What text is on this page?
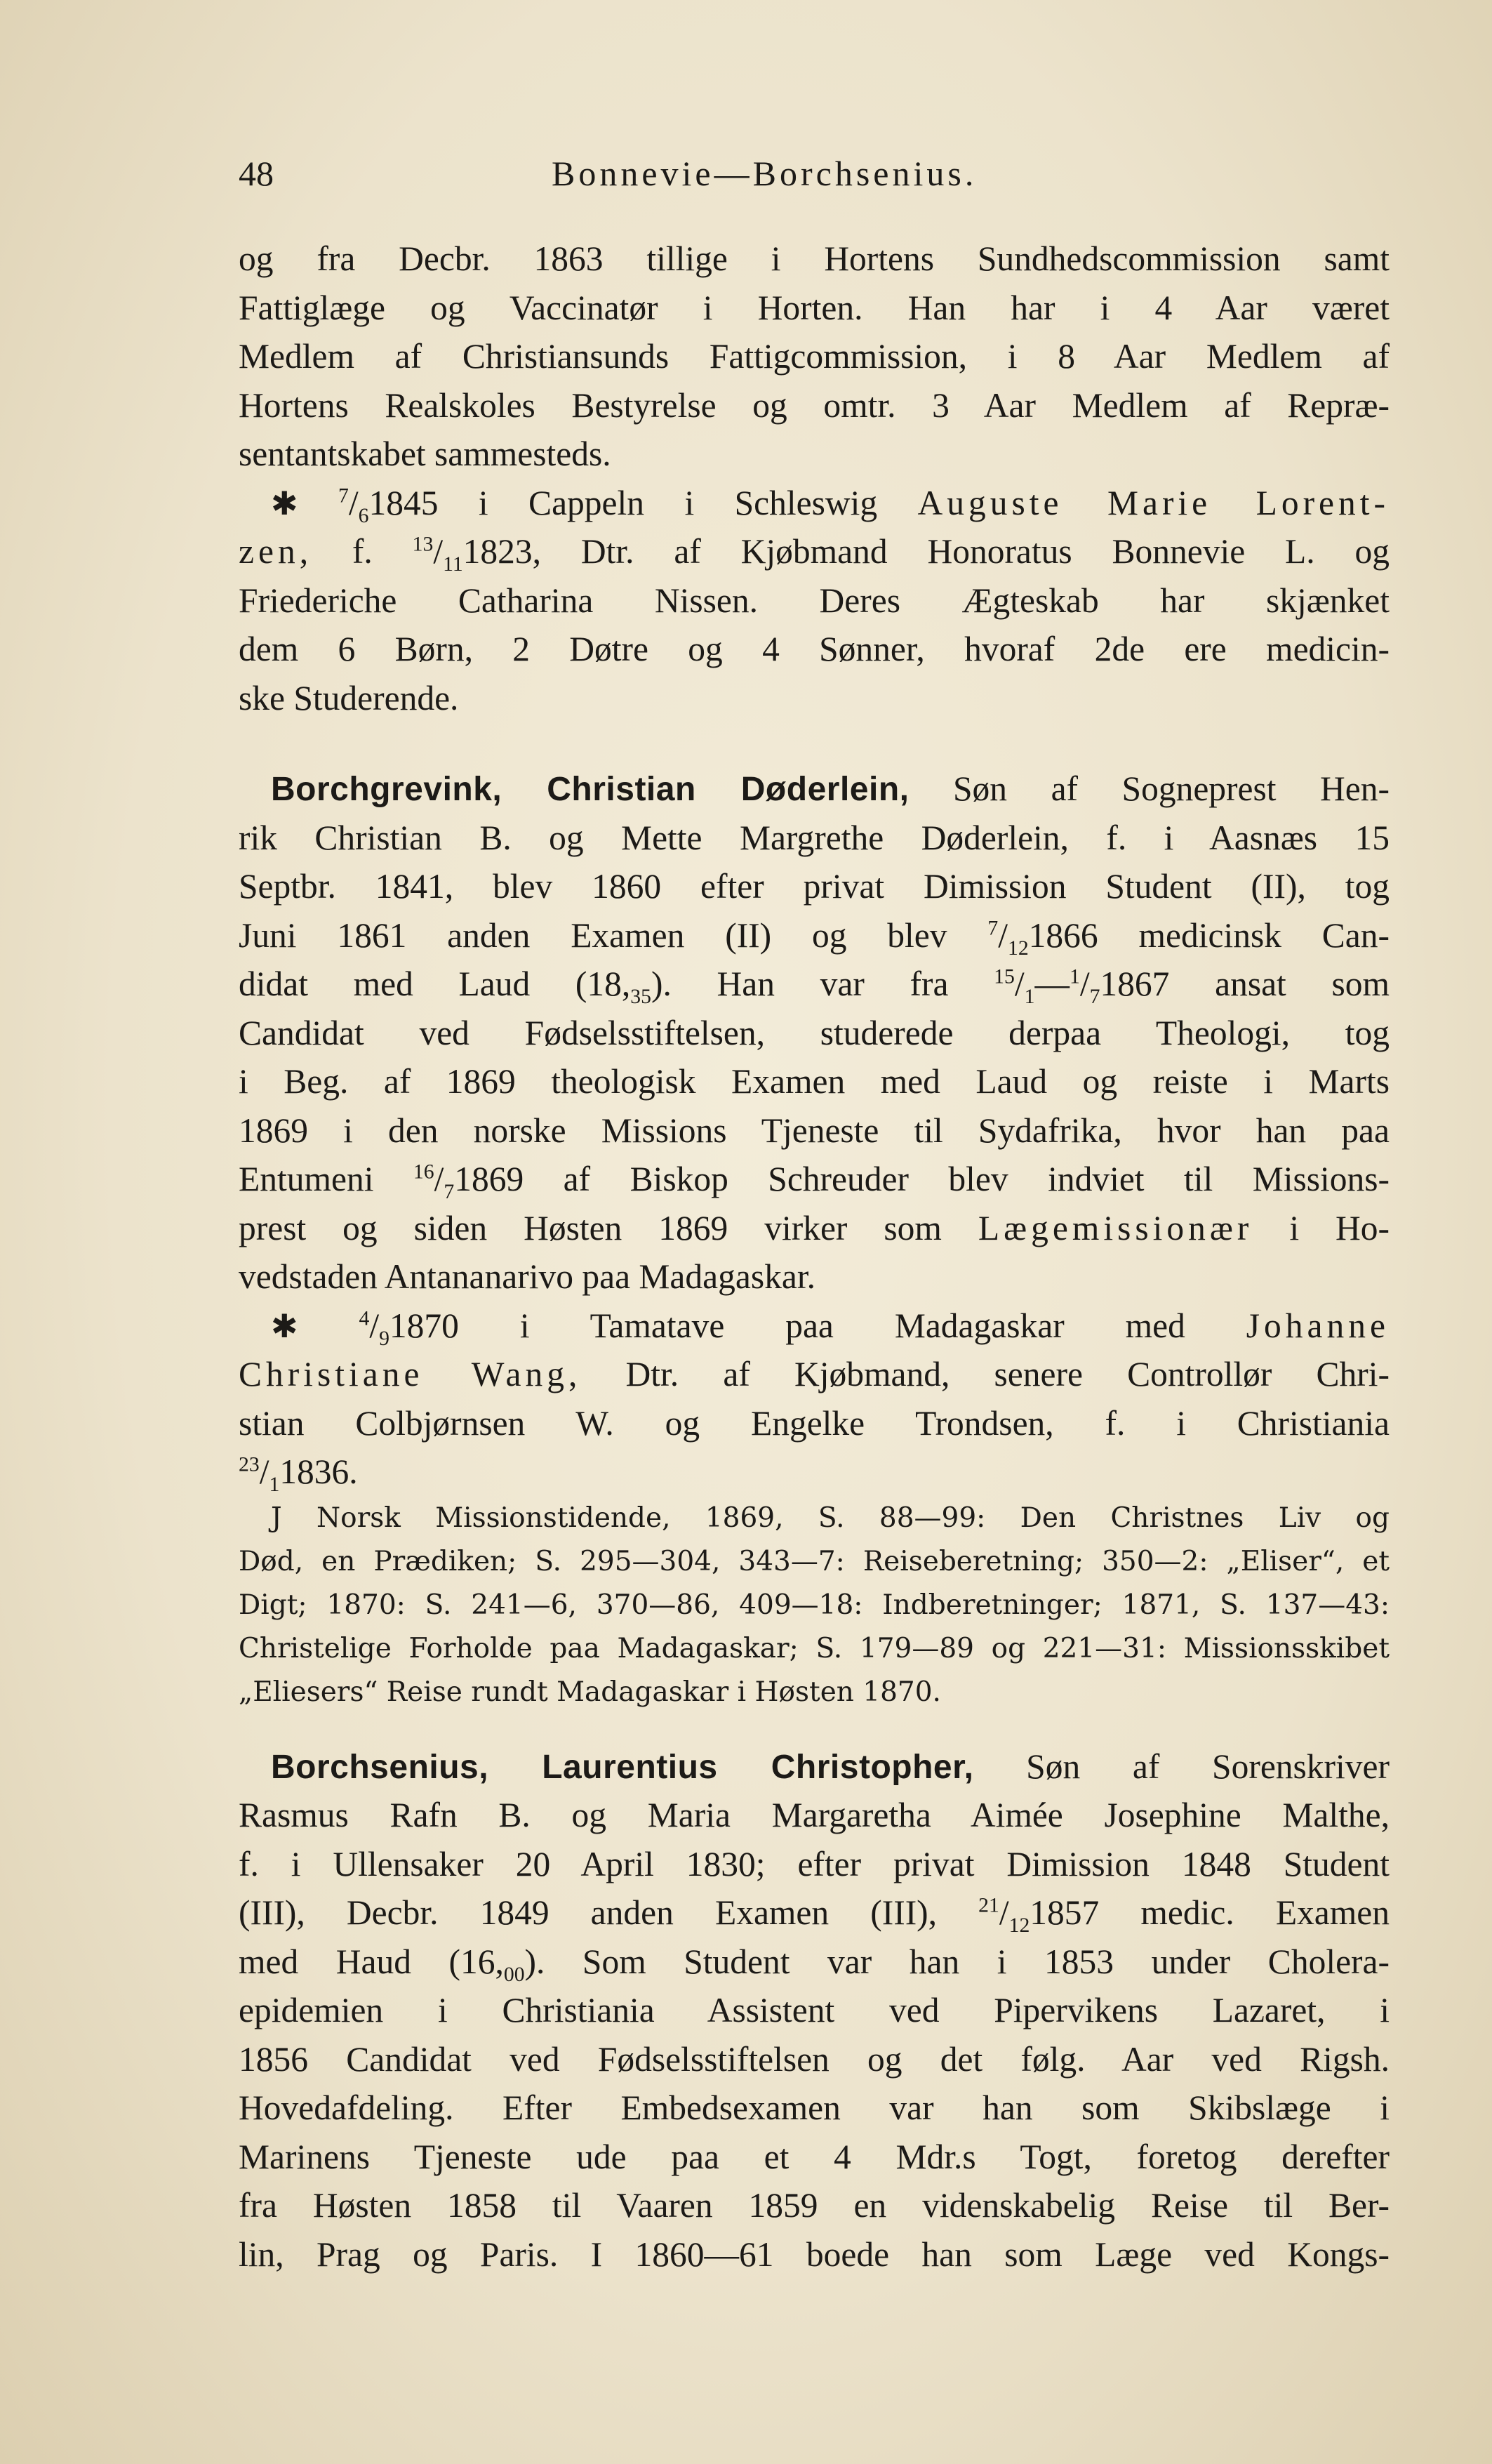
48	Bonnevie—Borchsenius.
og fra Decbr. 1863 tillige i Hortens Sundhedscommission samt
Fattiglæge og Vaccinatør i Horten. Han har i 4 Aar været
Medlem af Christiansunds Fattigcommission, i 8 Aar Medlem af
Hortens Realskoles Bestyrelse og omtr. 3 Aar Medlem af Repræ-
sentantskabet sammesteds.
✱ $^7/_61845$ i Cappeln i Schleswig Auguste Marie Lorent-
zen, f. $^{13}/_{11}1823$, Dtr. af Kjøbmand Honoratus Bonnevie L. og
Friederiche Catharina Nissen. Deres Ægteskab har skjænket
dem 6 Børn, 2 Døtre og 4 Sønner, hvoraf 2de ere medicin-
ske Studerende.
Borchgrevink, Christian Døderlein, Søn af Sogneprest Hen-
rik Christian B. og Mette Margrethe Døderlein, f. i Aasnæs 15
Septbr. 1841, blev 1860 efter privat Dimission Student (II), tog
Juni 1861 anden Examen (II) og blev $^7/_{12}1866$ medicinsk Can-
didat med Laud $(18,_{35})$. Han var fra $^{15}/_1—^1/_71867$ ansat som
Candidat ved Fødselsstiftelsen, studerede derpaa Theologi, tog
i Beg. af 1869 theologisk Examen med Laud og reiste i Marts
1869 i den norske Missions Tjeneste til Sydafrika, hvor han paa
Entumeni $^{16}/_71869$ af Biskop Schreuder blev indviet til Missions-
prest og siden Høsten 1869 virker som Lægemissionær i Ho-
vedstaden Antananarivo paa Madagaskar.
✱	$^4/_91870$ i Tamatave paa Madagaskar med Johanne
Christiane Wang, Dtr. af Kjøbmand, senere Controllør Chri-
stian Colbjørnsen W. og Engelke Trondsen, f. i Christiania
$^{23}/_11836$.
J Norsk Missionstidende, 1869, S. 88—99: Den Christnes Liv og
Død, en Prædiken; S. 295—304, 343—7: Reiseberetning; 350—2: „Eliser“, et
Digt; 1870: S. 241—6, 370—86, 409—18: Indberetninger; 1871, S. 137—43:
Christelige Forholde paa Madagaskar; S. 179—89 og 221—31: Missionsskibet
„Eliesers“ Reise rundt Madagaskar i Høsten 1870.
Borchsenius, Laurentius Christopher, Søn af Sorenskriver
Rasmus Rafn B. og Maria Margaretha Aimée Josephine Malthe,
f. i Ullensaker 20 April 1830; efter privat Dimission 1848 Student
(III), Decbr. 1849 anden Examen (III), $^{21}/_{12}1857$ medic. Examen
med Haud $(16,_{00})$. Som Student var han i 1853 under Cholera-
epidemien i Christiania Assistent ved Pipervikens Lazaret, i
1856 Candidat ved Fødselsstiftelsen og det følg. Aar ved Rigsh.
Hovedafdeling. Efter Embedsexamen var han som Skibslæge i
Marinens Tjeneste ude paa et 4 Mdr.s Togt, foretog derefter
fra Høsten 1858 til Vaaren 1859 en videnskabelig Reise til Ber-
lin, Prag og Paris. I 1860—61 boede han som Læge ved Kongs-
